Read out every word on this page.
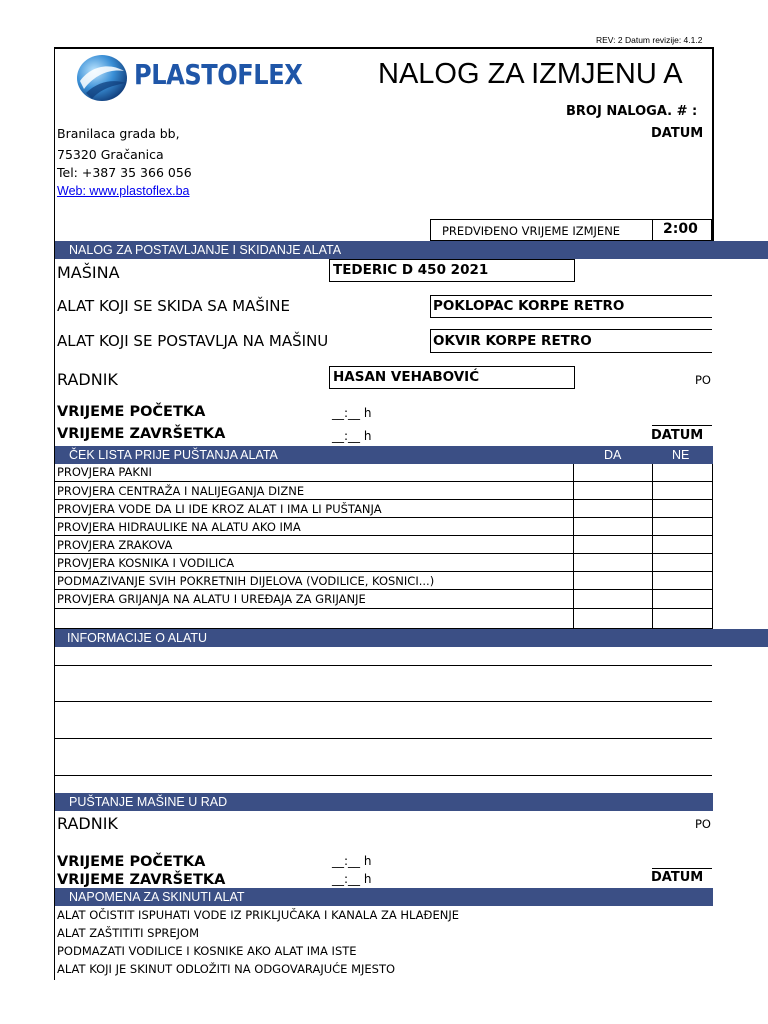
REV: 2 Datum revizije: 4.1.2
PLASTOFLEX	NALOG ZA IZMJENU A
BROJ NALOGA. # :
DATUM
Branilaca grada bb,
75320 Gračanica
Tel: +387 35 366 056
Web: www.plastoflex.ba
PREDVIĐENO VRIJEME IZMJENE	2:00
NALOG ZA POSTAVLJANJE I SKIDANJE ALATA
MAŠINA	TEDERIC D 450 2021
ALAT KOJI SE SKIDA SA MAŠINE	POKLOPAC KORPE RETRO
ALAT KOJI SE POSTAVLJA NA MAŠINU	OKVIR KORPE RETRO
RADNIK	HASAN VEHABOVIĆ	PO
VRIJEME POČETKA	__:__ h
VRIJEME ZAVRŠETKA	__:__ h	DATUM
ČEK LISTA PRIJE PUŠTANJA ALATA	DA	NE
PROVJERA PAKNI
PROVJERA CENTRAŽA I NALIJEGANJA DIZNE
PROVJERA VODE DA LI IDE KROZ ALAT I IMA LI PUŠTANJA
PROVJERA HIDRAULIKE NA ALATU AKO IMA
PROVJERA ZRAKOVA
PROVJERA KOSNIKA I VODILICA
PODMAZIVANJE SVIH POKRETNIH DIJELOVA (VODILICE, KOSNICI...)
PROVJERA GRIJANJA NA ALATU I UREĐAJA ZA GRIJANJE
INFORMACIJE O ALATU
PUŠTANJE MAŠINE U RAD
RADNIK	PO
VRIJEME POČETKA	__:__ h
VRIJEME ZAVRŠETKA	__:__ h	DATUM
NAPOMENA ZA SKINUTI ALAT
ALAT OČISTIT ISPUHATI VODE IZ PRIKLJUČAKA I KANALA ZA HLAĐENJE
ALAT ZAŠTITITI SPREJOM
PODMAZATI VODILICE I KOSNIKE AKO ALAT IMA ISTE
ALAT KOJI JE SKINUT ODLOŽITI NA ODGOVARAJUĆE MJESTO
